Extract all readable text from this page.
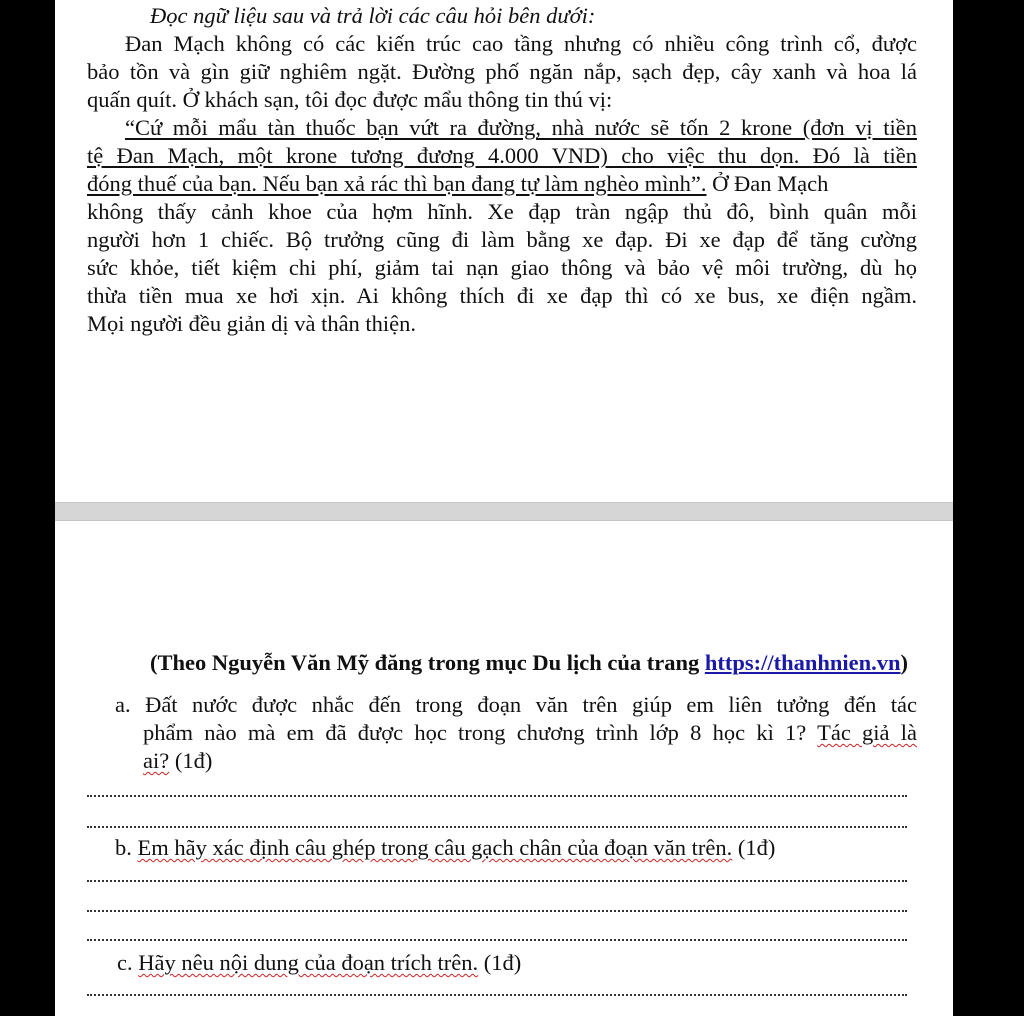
Đọc ngữ liệu sau và trả lời các câu hỏi bên dưới:
Đan Mạch không có các kiến trúc cao tầng nhưng có nhiều công trình cổ, được
bảo tồn và gìn giữ nghiêm ngặt. Đường phố ngăn nắp, sạch đẹp, cây xanh và hoa lá
quấn quít. Ở khách sạn, tôi đọc được mẩu thông tin thú vị:
“Cứ mỗi mẩu tàn thuốc bạn vứt ra đường, nhà nước sẽ tốn 2 krone (đơn vị tiền
tệ Đan Mạch, một krone tương đương 4.000 VND) cho việc thu dọn. Đó là tiền
đóng thuế của bạn. Nếu bạn xả rác thì bạn đang tự làm nghèo mình”. Ở Đan Mạch
không thấy cảnh khoe của hợm hĩnh. Xe đạp tràn ngập thủ đô, bình quân mỗi
người hơn 1 chiếc. Bộ trưởng cũng đi làm bằng xe đạp. Đi xe đạp để tăng cường
sức khỏe, tiết kiệm chi phí, giảm tai nạn giao thông và bảo vệ môi trường, dù họ
thừa tiền mua xe hơi xịn. Ai không thích đi xe đạp thì có xe bus, xe điện ngầm.
Mọi người đều giản dị và thân thiện.
(Theo Nguyễn Văn Mỹ đăng trong mục Du lịch của trang https://thanhnien.vn)
a. Đất nước được nhắc đến trong đoạn văn trên giúp em liên tưởng đến tác
phẩm nào mà em đã được học trong chương trình lớp 8 học kì 1? Tác giả là
ai? (1đ)
b. Em hãy xác định câu ghép trong câu gạch chân của đoạn văn trên. (1đ)
c. Hãy nêu nội dung của đoạn trích trên. (1đ)
